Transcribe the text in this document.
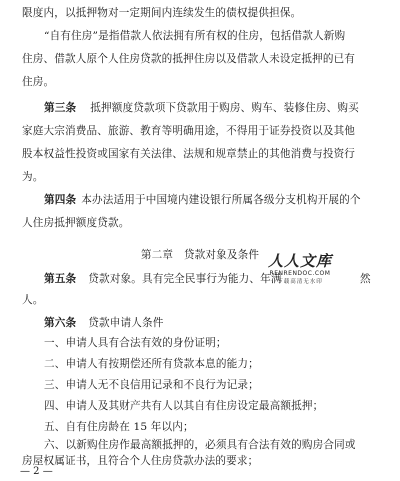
限度内，以抵押物对一定期间内连续发生的债权提供担保。
“自有住房”是指借款人依法拥有所有权的住房，包括借款人新购
住房、借款人原个人住房贷款的抵押住房以及借款人未设定抵押的已有
住房。
第三条 抵押额度贷款项下贷款用于购房、购车、装修住房、购买
家庭大宗消费品、旅游、教育等明确用途，不得用于证券投资以及其他
股本权益性投资或国家有关法律、法规和规章禁止的其他消费与投资行
为。
第四条 本办法适用于中国境内建设银行所属各级分支机构开展的个
人住房抵押额度贷款。
第二章　贷款对象及条件
第五条 贷款对象。具有完全民事行为能力、年满	然
人。
人人文库
RENRENDOC.COM
下载高清无水印
第六条 贷款申请人条件
一、申请人具有合法有效的身份证明；
二、申请人有按期偿还所有贷款本息的能力；
三、申请人无不良信用记录和不良行为记录；
四、申请人及其财产共有人以其自有住房设定最高额抵押；
五、自有住房龄在 15 年以内；
六、以新购住房作最高额抵押的，必须具有合法有效的购房合同或
房屋权属证书，且符合个人住房贷款办法的要求；
— 2 —
